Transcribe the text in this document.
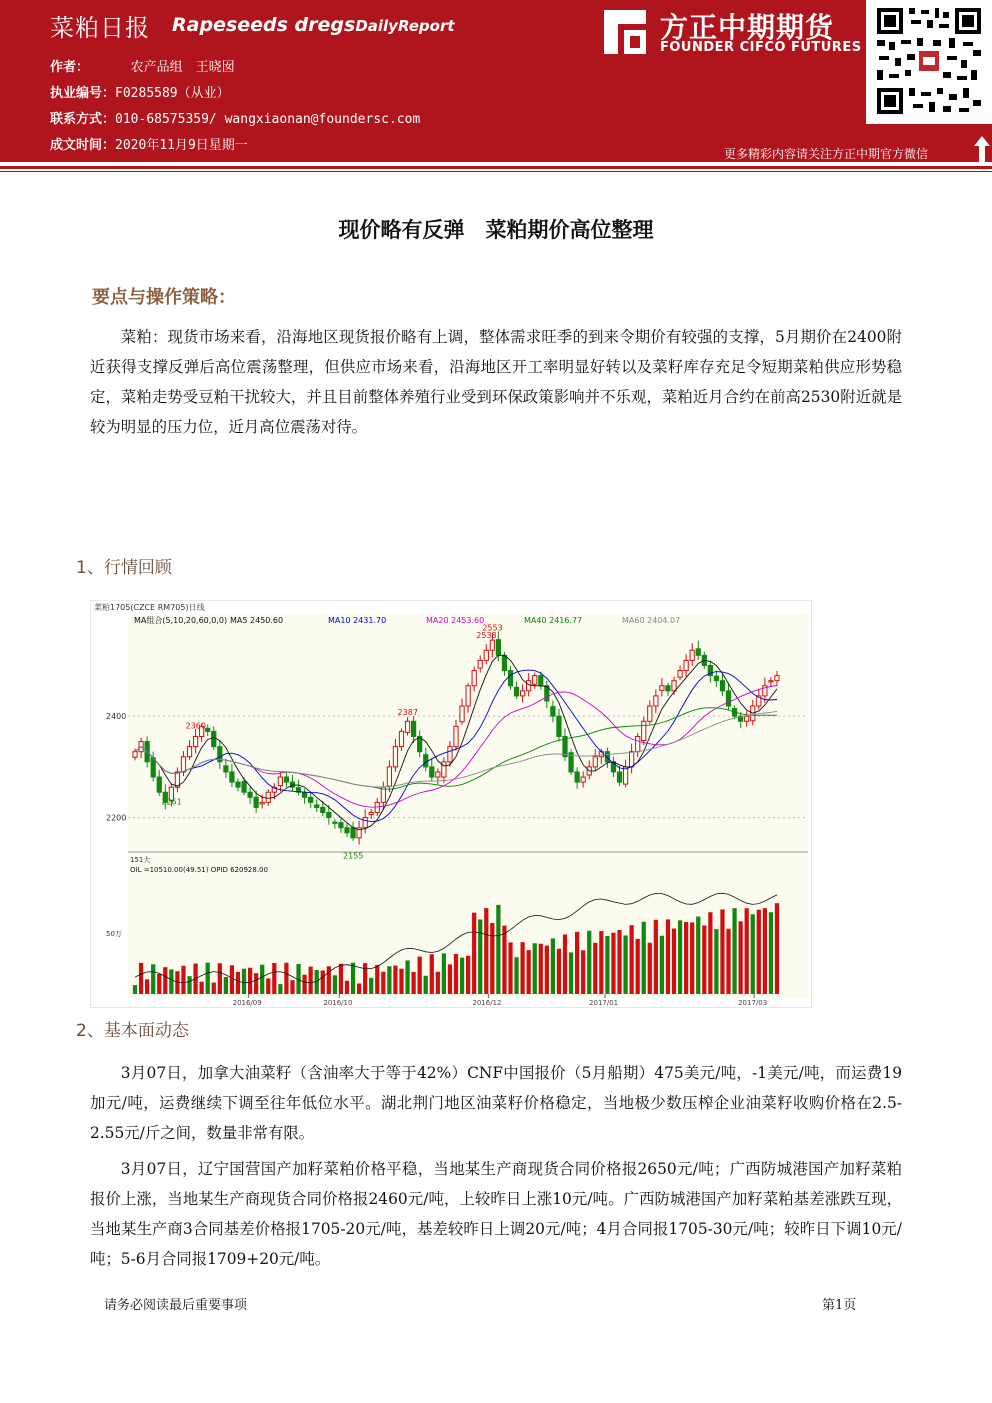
菜粕日报 Rapeseeds dregsDailyReport
作者：	农产品组　王晓囡
执业编号：F0285589（从业）
联系方式：010-68575359/ wangxiaonan@foundersc.com
成文时间：2020年11月9日星期一
方正中期期货
FOUNDER CIFCO FUTURES
更多精彩内容请关注方正中期官方微信
现价略有反弹　菜粕期价高位整理
要点与操作策略：

菜粕：现货市场来看，沿海地区现货报价略有上调，整体需求旺季的到来令期价有较强的支撑，5月期价在2400附近获得支撑反弹后高位震荡整理，但供应市场来看，沿海地区开工率明显好转以及菜籽库存充足令短期菜粕供应形势稳定，菜粕走势受豆粕干扰较大，并且目前整体养殖行业受到环保政策影响并不乐观，菜粕近月合约在前高2530附近就是较为明显的压力位，近月高位震荡对待。

1、行情回顾
菜粕1705(CZCE RM705)日线
MA组合(5,10,20,60,0,0) MA5 2450.60	MA10 2431.70	MA20 2453.60	MA40 2416.77	MA60 2404.07
2400
2200
2387
2155
2553
2261
2538
2360
151大
OIL =10510.00(49.51) OPID 620928.00
50万
2016/09	2016/10	2016/12	2017/01	2017/03
2、基本面动态

3月07日，加拿大油菜籽（含油率大于等于42%）CNF中国报价（5月船期）475美元/吨，-1美元/吨，而运费19加元/吨，运费继续下调至往年低位水平。湖北荆门地区油菜籽价格稳定，当地极少数压榨企业油菜籽收购价格在2.5-2.55元/斤之间，数量非常有限。

3月07日，辽宁国营国产加籽菜粕价格平稳，当地某生产商现货合同价格报2650元/吨；广西防城港国产加籽菜粕报价上涨，当地某生产商现货合同价格报2460元/吨，上较昨日上涨10元/吨。广西防城港国产加籽菜粕基差涨跌互现，当地某生产商3合同基差价格报1705-20元/吨，基差较昨日上调20元/吨；4月合同报1705-30元/吨；较昨日下调10元/吨；5-6月合同报1709+20元/吨。

请务必阅读最后重要事项	第1页
